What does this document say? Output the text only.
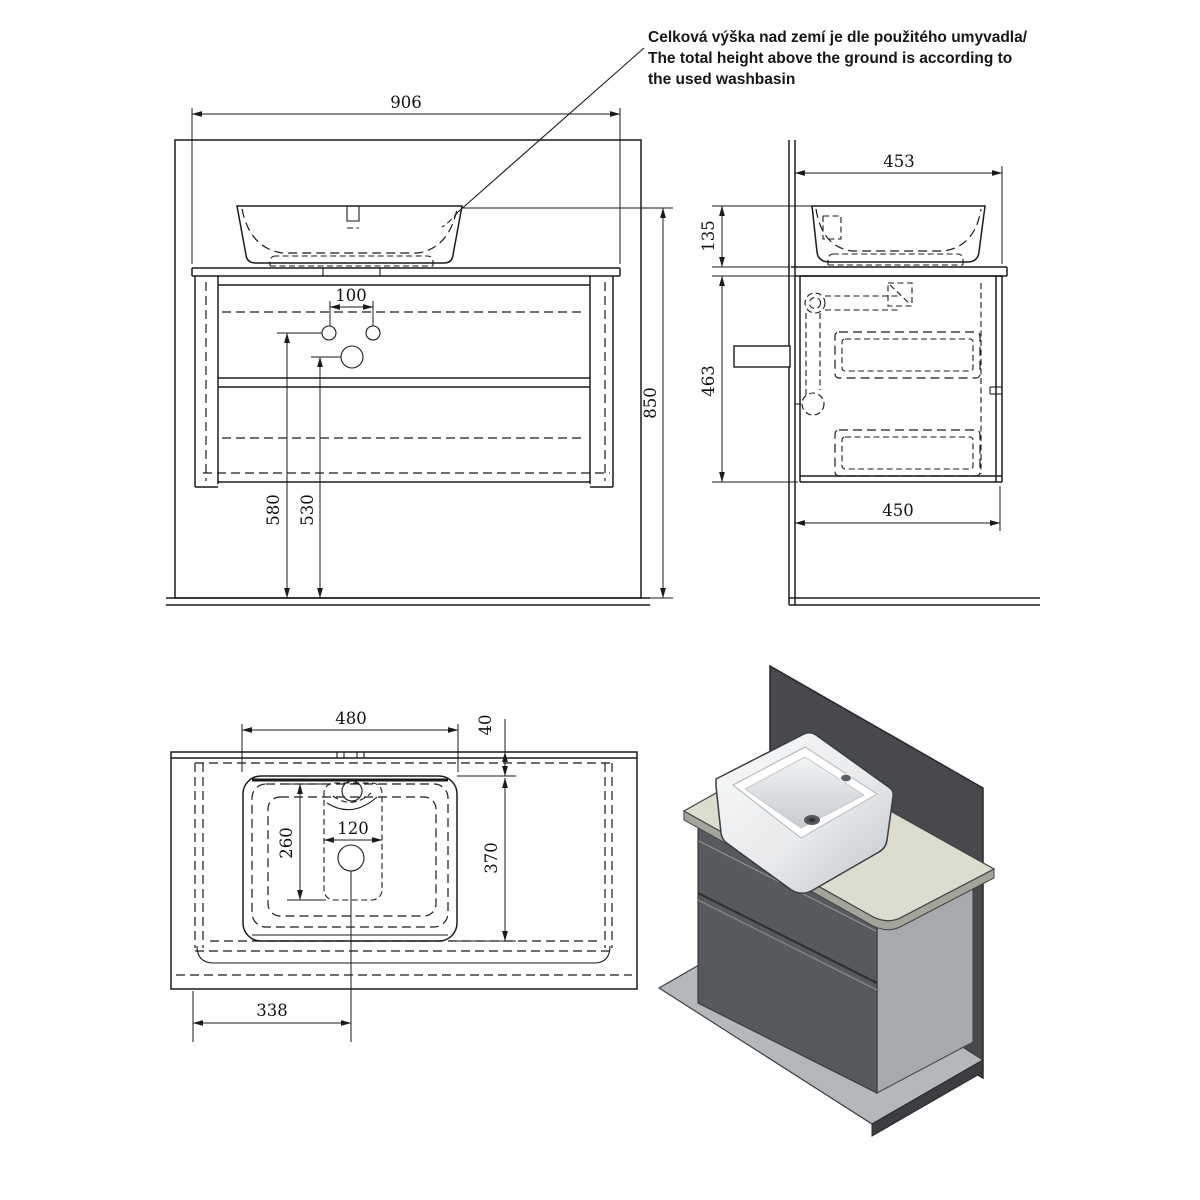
Celková výška nad zemí je dle použitého umyvadla/
The total height above the ground is according to
the used washbasin
906
850
100
580 530
453
135
463
450
480	40
370
120
260
338
